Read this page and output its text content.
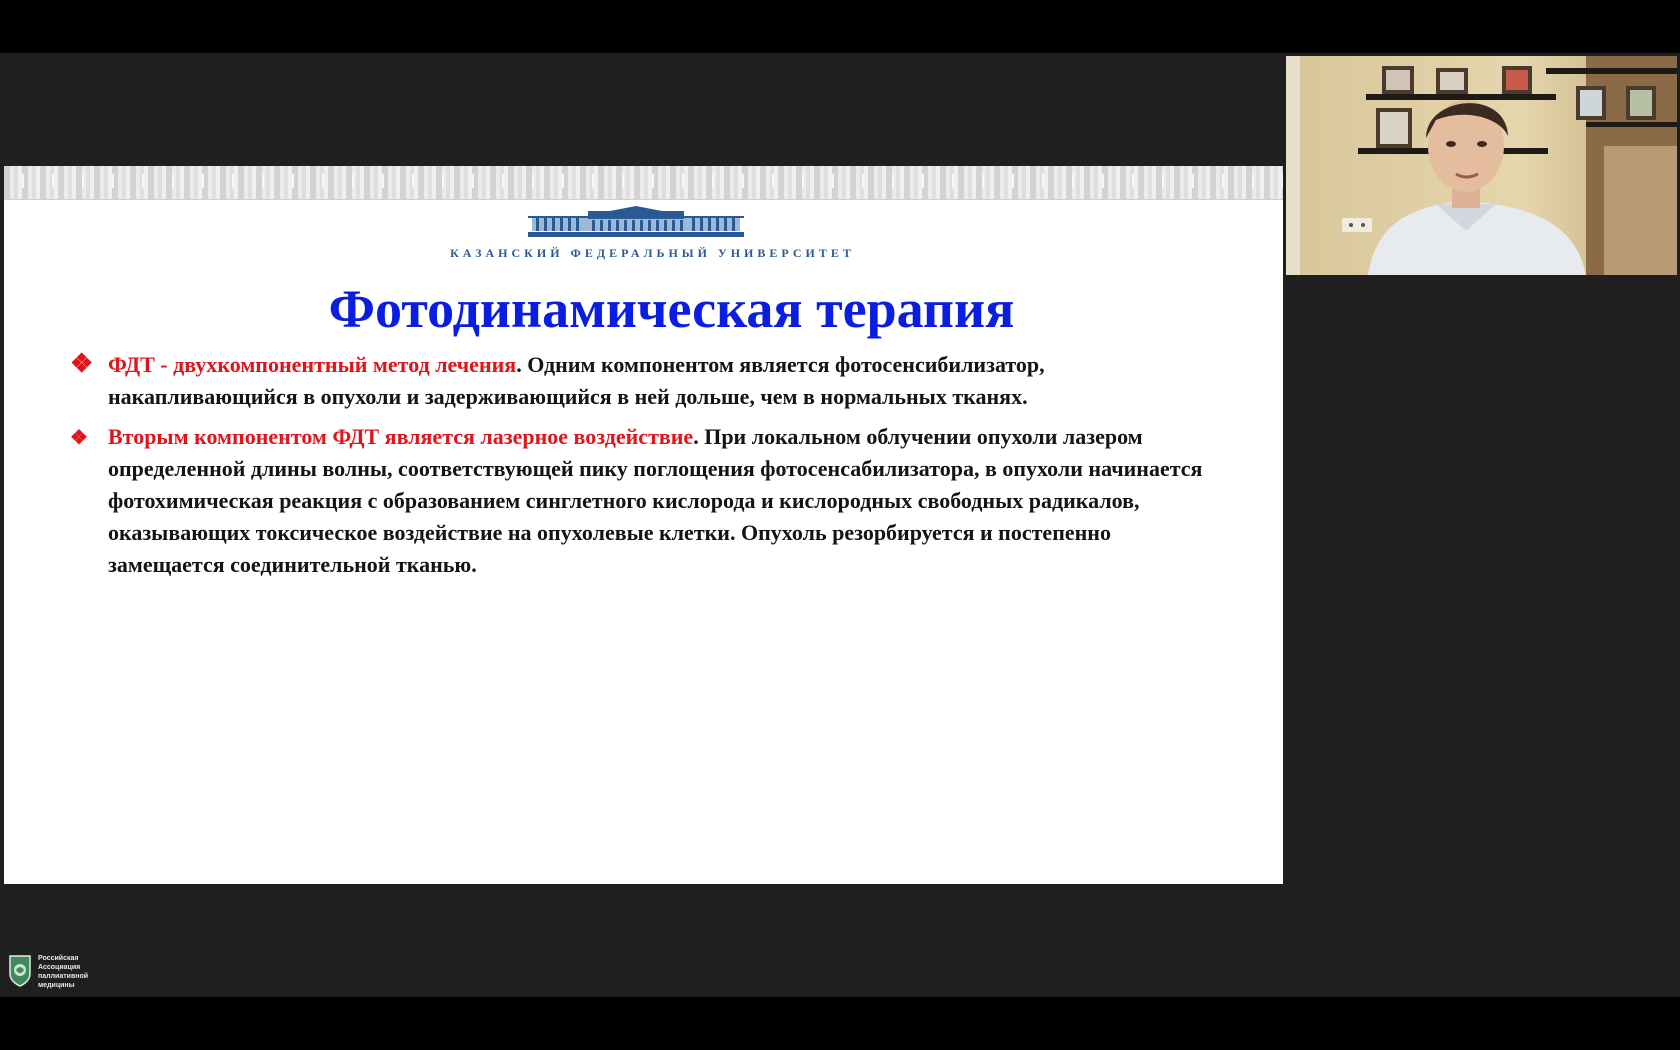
КАЗАНСКИЙ ФЕДЕРАЛЬНЫЙ УНИВЕРСИТЕТ
Фотодинамическая терапия
❖ ФДТ - двухкомпонентный метод лечения. Одним компонентом является фотосенсибилизатор, накапливающийся в опухоли и задерживающийся в ней дольше, чем в нормальных тканях.
❖ Вторым компонентом ФДТ является лазерное воздействие. При локальном облучении опухоли лазером определенной длины волны, соответствующей пику поглощения фотосенсабилизатора, в опухоли начинается фотохимическая реакция с образованием синглетного кислорода и кислородных свободных радикалов, оказывающих токсическое воздействие на опухолевые клетки. Опухоль резорбируется и постепенно замещается соединительной тканью.
Российская
Ассоциация
паллиативной
медицины
